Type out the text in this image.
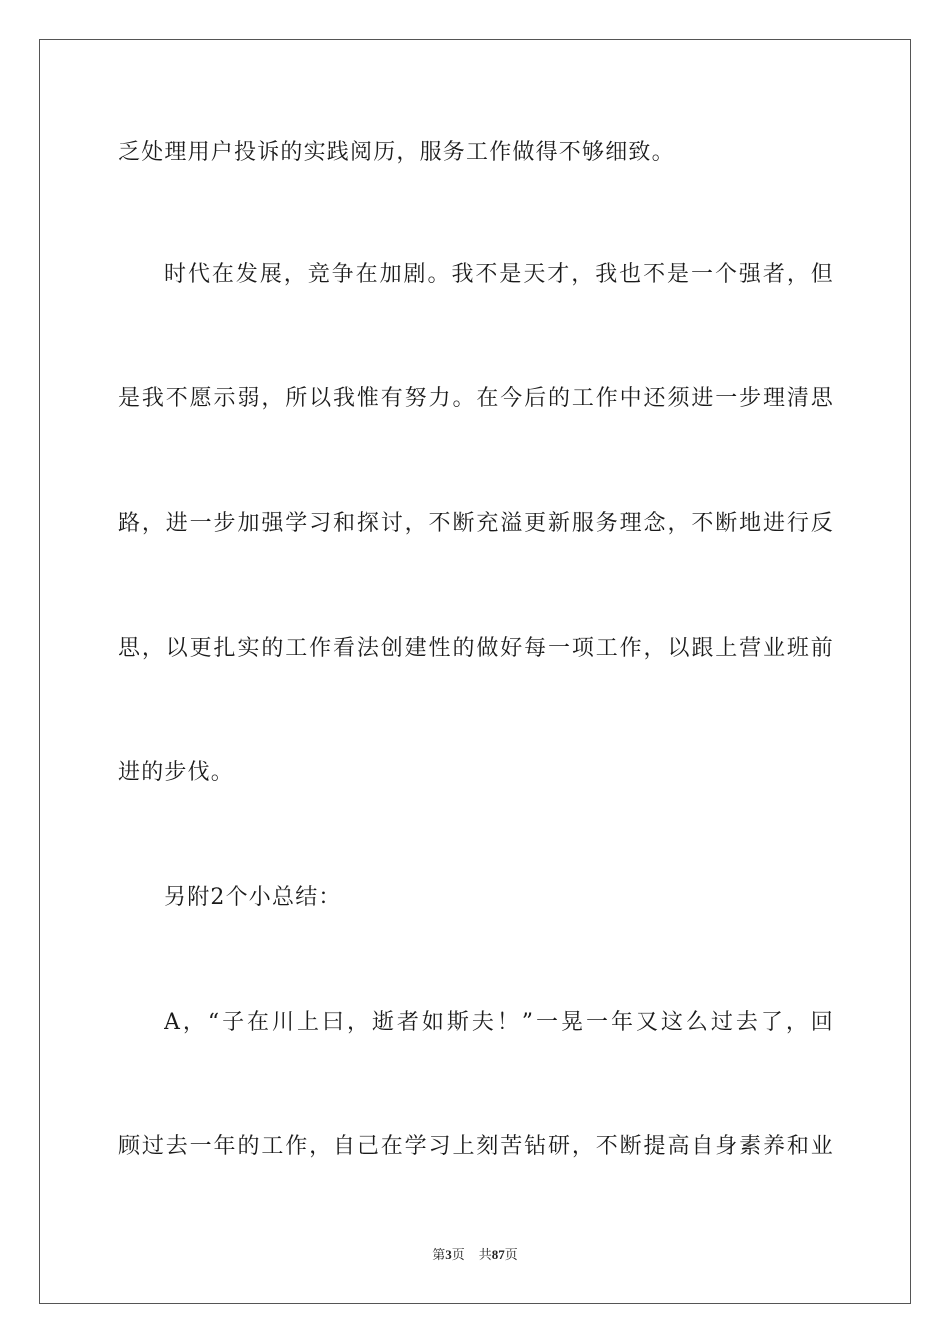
乏处理用户投诉的实践阅历，服务工作做得不够细致。

时代在发展，竞争在加剧。我不是天才，我也不是一个强者，但

是我不愿示弱，所以我惟有努力。在今后的工作中还须进一步理清思

路，进一步加强学习和探讨，不断充溢更新服务理念，不断地进行反

思，以更扎实的工作看法创建性的做好每一项工作，以跟上营业班前

进的步伐。

另附2个小总结：

A，“子在川上曰，逝者如斯夫！”一晃一年又这么过去了，回

顾过去一年的工作，自己在学习上刻苦钻研，不断提高自身素养和业

第3页 共87页
